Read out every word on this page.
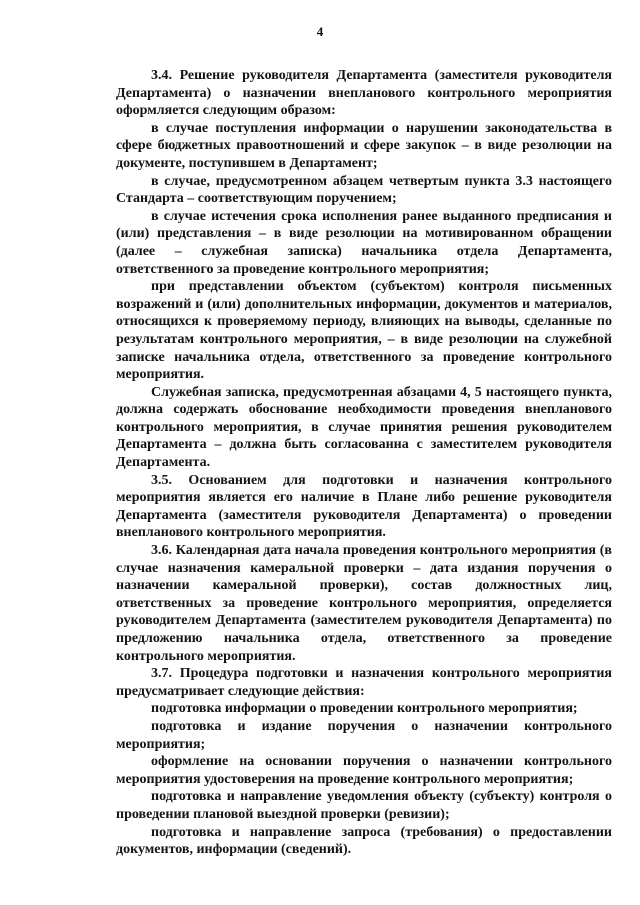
4

3.4. Решение руководителя Департамента (заместителя руководителя Департамента) о назначении внепланового контрольного мероприятия оформляется следующим образом:

в случае поступления информации о нарушении законодательства в сфере бюджетных правоотношений и сфере закупок – в виде резолюции на документе, поступившем в Департамент;

в случае, предусмотренном абзацем четвертым пункта 3.3 настоящего Стандарта – соответствующим поручением;

в случае истечения срока исполнения ранее выданного предписания и (или) представления – в виде резолюции на мотивированном обращении (далее – служебная записка) начальника отдела Департамента, ответственного за проведение контрольного мероприятия;

при представлении объектом (субъектом) контроля письменных возражений и (или) дополнительных информации, документов и материалов, относящихся к проверяемому периоду, влияющих на выводы, сделанные по результатам контрольного мероприятия, – в виде резолюции на служебной записке начальника отдела, ответственного за проведение контрольного мероприятия.

Служебная записка, предусмотренная абзацами 4, 5 настоящего пункта, должна содержать обоснование необходимости проведения внепланового контрольного мероприятия, в случае принятия решения руководителем Департамента – должна быть согласованна с заместителем руководителя Департамента.

3.5. Основанием для подготовки и назначения контрольного мероприятия является его наличие в Плане либо решение руководителя Департамента (заместителя руководителя Департамента) о проведении внепланового контрольного мероприятия.

3.6. Календарная дата начала проведения контрольного мероприятия (в случае назначения камеральной проверки – дата издания поручения о назначении камеральной проверки), состав должностных лиц, ответственных за проведение контрольного мероприятия, определяется руководителем Департамента (заместителем руководителя Департамента) по предложению начальника отдела, ответственного за проведение контрольного мероприятия.

3.7. Процедура подготовки и назначения контрольного мероприятия предусматривает следующие действия:

подготовка информации о проведении контрольного мероприятия;

подготовка и издание поручения о назначении контрольного мероприятия;

оформление на основании поручения о назначении контрольного мероприятия удостоверения на проведение контрольного мероприятия;

подготовка и направление уведомления объекту (субъекту) контроля о проведении плановой выездной проверки (ревизии);

подготовка и направление запроса (требования) о предоставлении документов, информации (сведений).
